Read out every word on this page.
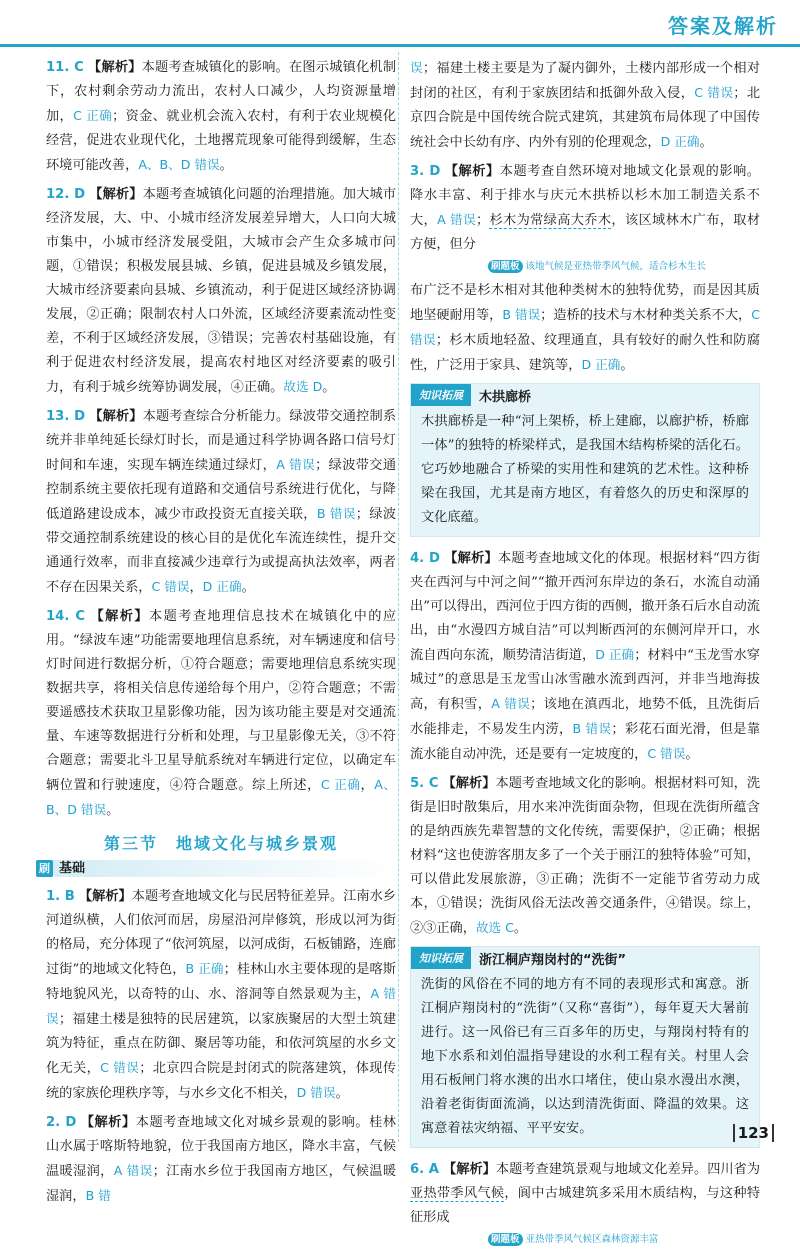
答案及解析

11. C 【解析】本题考查城镇化的影响。在图示城镇化机制下，农村剩余劳动力流出，农村人口减少，人均资源量增加，C 正确；资金、就业机会流入农村，有利于农业规模化经营，促进农业现代化，土地撂荒现象可能得到缓解，生态环境可能改善，A、B、D 错误。

12. D 【解析】本题考查城镇化问题的治理措施。加大城市经济发展，大、中、小城市经济发展差异增大，人口向大城市集中，小城市经济发展受阻，大城市会产生众多城市问题，①错误；积极发展县城、乡镇，促进县城及乡镇发展，大城市经济要素向县城、乡镇流动，利于促进区域经济协调发展，②正确；限制农村人口外流，区域经济要素流动性变差，不利于区域经济发展，③错误；完善农村基础设施，有利于促进农村经济发展，提高农村地区对经济要素的吸引力，有利于城乡统筹协调发展，④正确。故选 D。

13. D 【解析】本题考查综合分析能力。绿波带交通控制系统并非单纯延长绿灯时长，而是通过科学协调各路口信号灯时间和车速，实现车辆连续通过绿灯，A 错误；绿波带交通控制系统主要依托现有道路和交通信号系统进行优化，与降低道路建设成本，减少市政投资无直接关联，B 错误；绿波带交通控制系统建设的核心目的是优化车流连续性，提升交通通行效率，而非直接减少违章行为或提高执法效率，两者不存在因果关系，C 错误，D 正确。

14. C 【解析】本题考查地理信息技术在城镇化中的应用。“绿波车速”功能需要地理信息系统，对车辆速度和信号灯时间进行数据分析，①符合题意；需要地理信息系统实现数据共享，将相关信息传递给每个用户，②符合题意；不需要遥感技术获取卫星影像功能，因为该功能主要是对交通流量、车速等数据进行分析和处理，与卫星影像无关，③不符合题意；需要北斗卫星导航系统对车辆进行定位，以确定车辆位置和行驶速度，④符合题意。综上所述，C 正确，A、B、D 错误。

第三节　地域文化与城乡景观
刷 基础

1. B 【解析】本题考查地域文化与民居特征差异。江南水乡河道纵横，人们依河而居，房屋沿河岸修筑，形成以河为街的格局，充分体现了“依河筑屋，以河成街，石板铺路，连廊过街”的地域文化特色，B 正确；桂林山水主要体现的是喀斯特地貌风光，以奇特的山、水、溶洞等自然景观为主，A 错误；福建土楼是独特的民居建筑，以家族聚居的大型土筑建筑为特征，重点在防御、聚居等功能，和依河筑屋的水乡文化无关，C 错误；北京四合院是封闭式的院落建筑，体现传统的家族伦理秩序等，与水乡文化不相关，D 错误。

2. D 【解析】本题考查地域文化对城乡景观的影响。桂林山水属于喀斯特地貌，位于我国南方地区，降水丰富，气候温暖湿润，A 错误；江南水乡位于我国南方地区，气候温暖湿润，B 错

误；福建土楼主要是为了凝内御外，土楼内部形成一个相对封闭的社区，有利于家族团结和抵御外敌入侵，C 错误；北京四合院是中国传统合院式建筑，其建筑布局体现了中国传统社会中长幼有序、内外有别的伦理观念，D 正确。

3. D 【解析】本题考查自然环境对地域文化景观的影响。降水丰富、利于排水与庆元木拱桥以杉木加工制造关系不大，A 错误；杉木为常绿高大乔木，该区域林木广布，取材方便，但分

刷题板 该地气候是亚热带季风气候，适合杉木生长

布广泛不是杉木相对其他种类树木的独特优势，而是因其质地坚硬耐用等，B 错误；造桥的技术与木材种类关系不大，C 错误；杉木质地轻盈、纹理通直，具有较好的耐久性和防腐性，广泛用于家具、建筑等，D 正确。

知识拓展	木拱廊桥
木拱廊桥是一种“河上架桥，桥上建廊，以廊护桥，桥廊一体”的独特的桥梁样式，是我国木结构桥梁的活化石。它巧妙地融合了桥梁的实用性和建筑的艺术性。这种桥梁在我国，尤其是南方地区，有着悠久的历史和深厚的文化底蕴。

4. D 【解析】本题考查地域文化的体现。根据材料“四方街夹在西河与中河之间”“撤开西河东岸边的条石，水流自动涌出”可以得出，西河位于四方街的西侧，撤开条石后水自动流出，由“水漫四方城自洁”可以判断西河的东侧河岸开口，水流自西向东流，顺势清洁街道，D 正确；材料中“玉龙雪水穿城过”的意思是玉龙雪山冰雪融水流到西河，并非当地海拔高，有积雪，A 错误；该地在滇西北，地势不低，且洗街后水能排走，不易发生内涝，B 错误；彩花石面光滑，但是靠流水能自动冲洗，还是要有一定坡度的，C 错误。

5. C 【解析】本题考查地域文化的影响。根据材料可知，洗街是旧时散集后，用水来冲洗街面杂物，但现在洗街所蕴含的是纳西族先辈智慧的文化传统，需要保护，②正确；根据材料“这也使游客朋友多了一个关于丽江的独特体验”可知，可以借此发展旅游，③正确；洗街不一定能节省劳动力成本，①错误；洗街风俗无法改善交通条件，④错误。综上，②③正确，故选 C。

知识拓展	浙江桐庐翔岗村的“洗街”
洗街的风俗在不同的地方有不同的表现形式和寓意。浙江桐庐翔岗村的“洗街”（又称“喜街”），每年夏天大暑前进行。这一风俗已有三百多年的历史，与翔岗村特有的地下水系和刘伯温指导建设的水利工程有关。村里人会用石板闸门将水澳的出水口堵住，使山泉水漫出水澳，沿着老街街面流淌，以达到清洗街面、降温的效果。这寓意着祛灾纳福、平平安安。

6. A 【解析】本题考查建筑景观与地域文化差异。四川省为亚热带季风气候，阆中古城建筑多采用木质结构，与这种特征形成

刷题板 亚热带季风气候区森林资源丰富
123
